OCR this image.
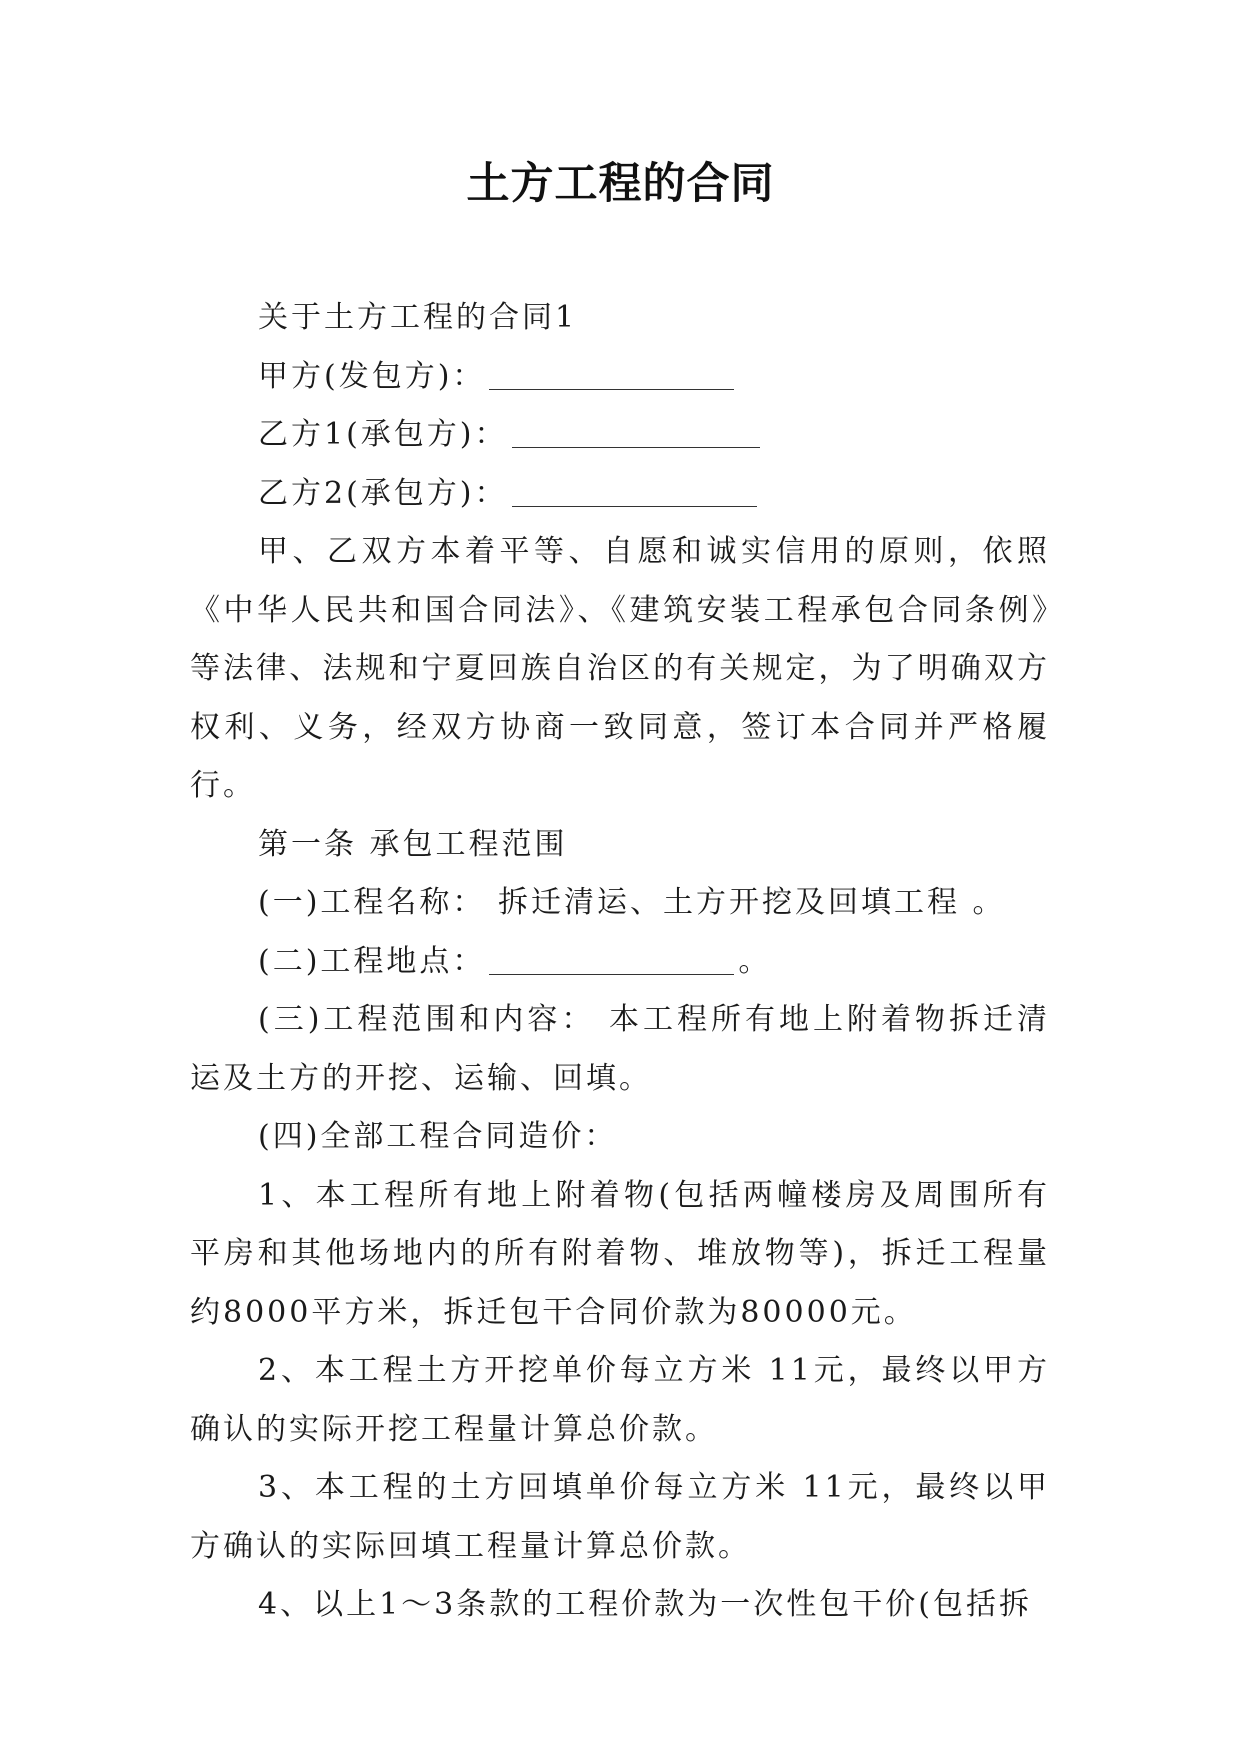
土方工程的合同

关于土方工程的合同1

甲方(发包方)：

乙方1(承包方)：

乙方2(承包方)：

甲、乙双方本着平等、自愿和诚实信用的原则，依照《中华人民共和国合同法》、《建筑安装工程承包合同条例》等法律、法规和宁夏回族自治区的有关规定，为了明确双方权利、义务，经双方协商一致同意，签订本合同并严格履行。

第一条 承包工程范围

(一)工程名称： 拆迁清运、土方开挖及回填工程 。

(二)工程地点：	。

(三)工程范围和内容： 本工程所有地上附着物拆迁清运及土方的开挖、运输、回填。

(四)全部工程合同造价：

1、本工程所有地上附着物(包括两幢楼房及周围所有平房和其他场地内的所有附着物、堆放物等)，拆迁工程量约8000平方米，拆迁包干合同价款为80000元。

2、本工程土方开挖单价每立方米 11元，最终以甲方确认的实际开挖工程量计算总价款。

3、本工程的土方回填单价每立方米 11元，最终以甲方确认的实际回填工程量计算总价款。

4、以上1～3条款的工程价款为一次性包干价(包括拆
